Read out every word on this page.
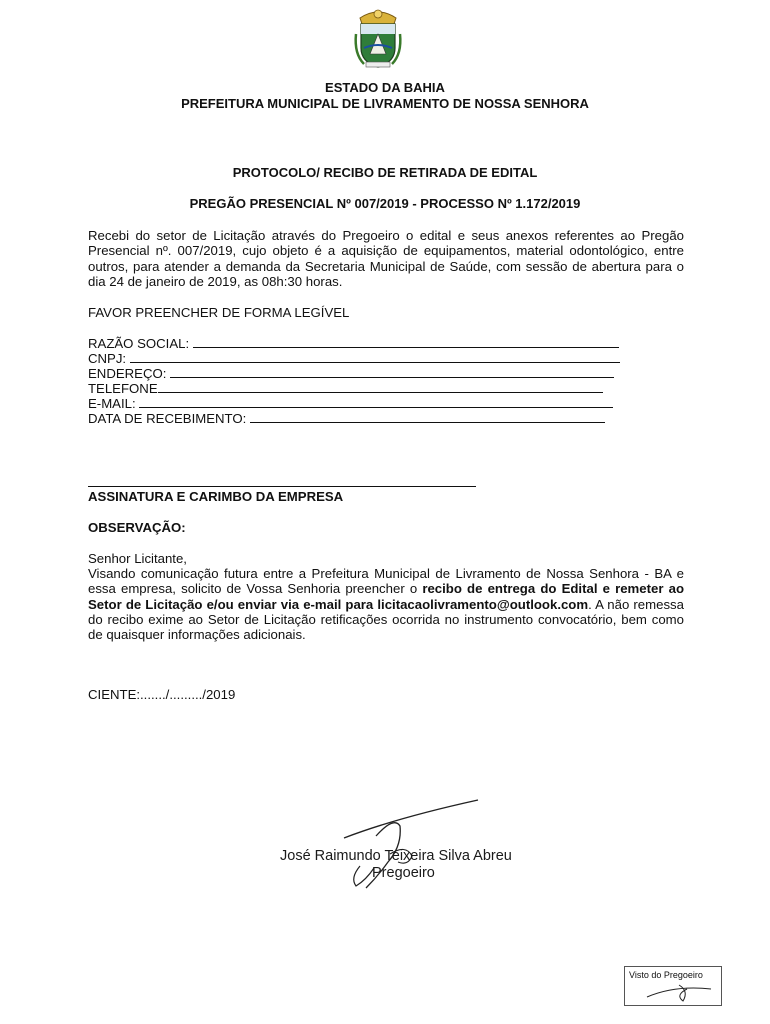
ESTADO DA BAHIA
PREFEITURA MUNICIPAL DE LIVRAMENTO DE NOSSA SENHORA
PROTOCOLO/ RECIBO DE RETIRADA DE EDITAL
PREGÃO PRESENCIAL Nº 007/2019 - PROCESSO Nº 1.172/2019
Recebi do setor de Licitação através do Pregoeiro o edital e seus anexos referentes ao Pregão Presencial nº. 007/2019, cujo objeto é a aquisição de equipamentos, material odontológico, entre outros, para atender a demanda da Secretaria Municipal de Saúde, com sessão de abertura para o dia 24 de janeiro de 2019, as 08h:30 horas.
FAVOR PREENCHER DE FORMA LEGÍVEL
RAZÃO SOCIAL:
CNPJ:
ENDEREÇO:
TELEFONE
E-MAIL:
DATA DE RECEBIMENTO:
ASSINATURA E CARIMBO DA EMPRESA
OBSERVAÇÃO:
Senhor Licitante,
Visando comunicação futura entre a Prefeitura Municipal de Livramento de Nossa Senhora - BA e essa empresa, solicito de Vossa Senhoria preencher o recibo de entrega do Edital e remeter ao Setor de Licitação e/ou enviar via e-mail para licitacaolivramento@outlook.com. A não remessa do recibo exime ao Setor de Licitação retificações ocorrida no instrumento convocatório, bem como de quaisquer informações adicionais.
CIENTE:......./........./2019
José Raimundo Teixeira Silva Abreu
Pregoeiro
Visto do Pregoeiro
